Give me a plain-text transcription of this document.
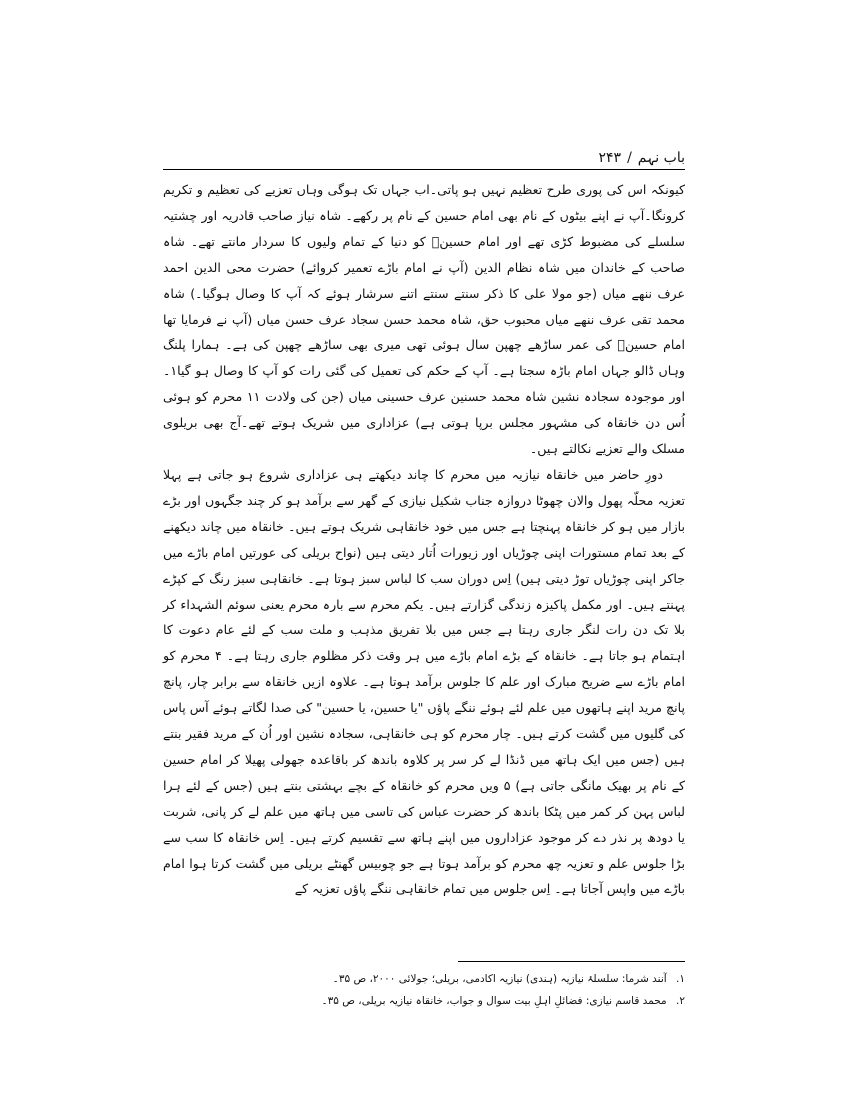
باب نہم
/
۲۴۳

کیونکہ اس کی پوری طرح تعظیم نہیں ہو پاتی۔اب جہاں تک ہوگی وہاں تعزیے کی تعظیم و تکریم کرونگا۔آپ نے اپنے بیٹوں کے نام بھی امام حسین کے نام پر رکھے۔ شاہ نیاز صاحب قادریہ اور چشتیہ سلسلے کی مضبوط کڑی تھے اور امام حسینؑ کو دنیا کے تمام ولیوں کا سردار مانتے تھے۔ شاہ صاحب کے خاندان میں شاہ نظام الدین (آپ نے امام باڑے تعمیر کروائے) حضرت محی الدین احمد عرف ننھے میاں (جو مولا علی کا ذکر سنتے سنتے اتنے سرشار ہوئے کہ آپ کا وصال ہوگیا۔) شاہ محمد تقی عرف ننھے میاں محبوب حق، شاہ محمد حسن سجاد عرف حسن میاں (آپ نے فرمایا تھا امام حسینؑ کی عمر ساڑھے چھپن سال ہوئی تھی میری بھی ساڑھے چھپن کی ہے۔ ہمارا پلنگ وہاں ڈالو جہاں امام باڑہ سجتا ہے۔ آپ کے حکم کی تعمیل کی گئی رات کو آپ کا وصال ہو گیا۱۔ اور موجودہ سجادہ نشین شاہ محمد حسنین عرف حسینی میاں (جن کی ولادت ۱۱ محرم کو ہوئی اُس دن خانقاہ کی مشہور مجلس برپا ہوتی ہے) عزاداری میں شریک ہوتے تھے۔آج بھی بریلوی مسلک والے تعزیے نکالتے ہیں۔

دورِ حاضر میں خانقاہ نیازیہ میں محرم کا چاند دیکھتے ہی عزاداری شروع ہو جاتی ہے پہلا تعزیہ محلّہ پھول والان چھوٹا دروازہ جناب شکیل نیازی کے گھر سے برآمد ہو کر چند جگہوں اور بڑے بازار میں ہو کر خانقاہ پہنچتا ہے جس میں خود خانقاہی شریک ہوتے ہیں۔ خانقاہ میں چاند دیکھنے کے بعد تمام مستورات اپنی چوڑیاں اور زیورات اُتار دیتی ہیں (نواح بریلی کی عورتیں امام باڑے میں جاکر اپنی چوڑیاں توڑ دیتی ہیں) اِس دوران سب کا لباس سبز ہوتا ہے۔ خانقاہی سبز رنگ کے کپڑے پہنتے ہیں۔ اور مکمل پاکیزہ زندگی گزارتے ہیں۔ یکم محرم سے بارہ محرم یعنی سوئم الشہداء کر بلا تک دن رات لنگر جاری رہتا ہے جس میں بلا تفریق مذہب و ملت سب کے لئے عام دعوت کا اہتمام ہو جاتا ہے۔ خانقاہ کے بڑے امام باڑے میں ہر وقت ذکر مظلوم جاری رہتا ہے۔ ۴ محرم کو امام باڑے سے ضریح مبارک اور علم کا جلوس برآمد ہوتا ہے۔ علاوہ ازیں خانقاہ سے برابر چار، پانچ پانچ مرید اپنے ہاتھوں میں علم لئے ہوئے ننگے پاؤں "یا حسین، یا حسین" کی صدا لگاتے ہوئے آس پاس کی گلیوں میں گشت کرتے ہیں۔ چار محرم کو ہی خانقاہی، سجادہ نشین اور اُن کے مرید فقیر بنتے ہیں (جس میں ایک ہاتھ میں ڈنڈا لے کر سر پر کلاوہ باندھ کر باقاعدہ جھولی پھیلا کر امام حسین کے نام پر بھیک مانگی جاتی ہے) ۵ ویں محرم کو خانقاہ کے بچے بہشتی بنتے ہیں (جس کے لئے ہرا لباس پہن کر کمر میں پٹکا باندھ کر حضرت عباس کی تاسی میں ہاتھ میں علم لے کر پانی، شربت یا دودھ پر نذر دے کر موجود عزاداروں میں اپنے ہاتھ سے تقسیم کرتے ہیں۔ اِس خانقاہ کا سب سے بڑا جلوس علم و تعزیہ چھ محرم کو برآمد ہوتا ہے جو چوبیس گھنٹے بریلی میں گشت کرتا ہوا امام باڑے میں واپس آجاتا ہے۔ اِس جلوس میں تمام خانقاہی ننگے پاؤں تعزیہ کے

۱. آنند شرما: سلسلۂ نیازیہ (ہندی) نیازیہ اکادمی، بریلی؛ جولائی ۲۰۰۰، ص ۳۵۔
۲. محمد قاسم نیازی: فضائلِ اہلِ بیت سوال و جواب، خانقاہ نیازیہ بریلی، ص ۳۵۔
